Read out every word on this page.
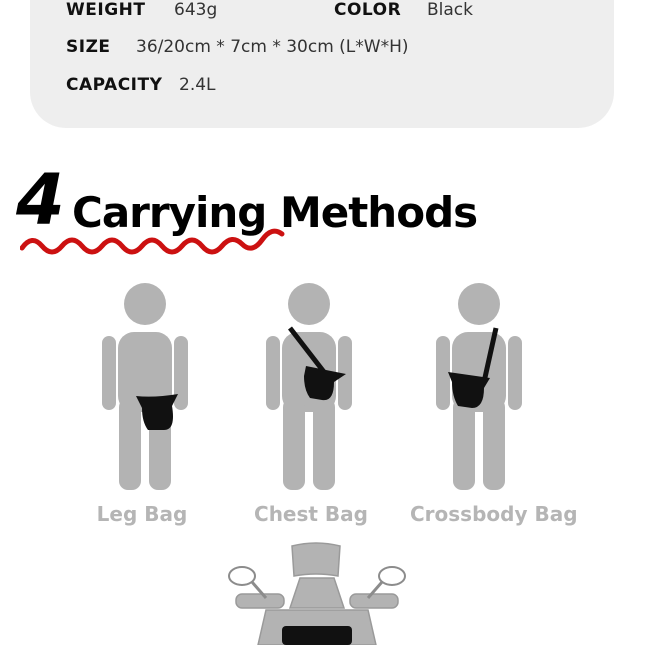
WEIGHT 643g	COLOR Black
SIZE 36/20cm * 7cm * 30cm (L*W*H)
CAPACITY 2.4L
4 Carrying Methods
Leg Bag	Chest Bag Crossbody Bag
